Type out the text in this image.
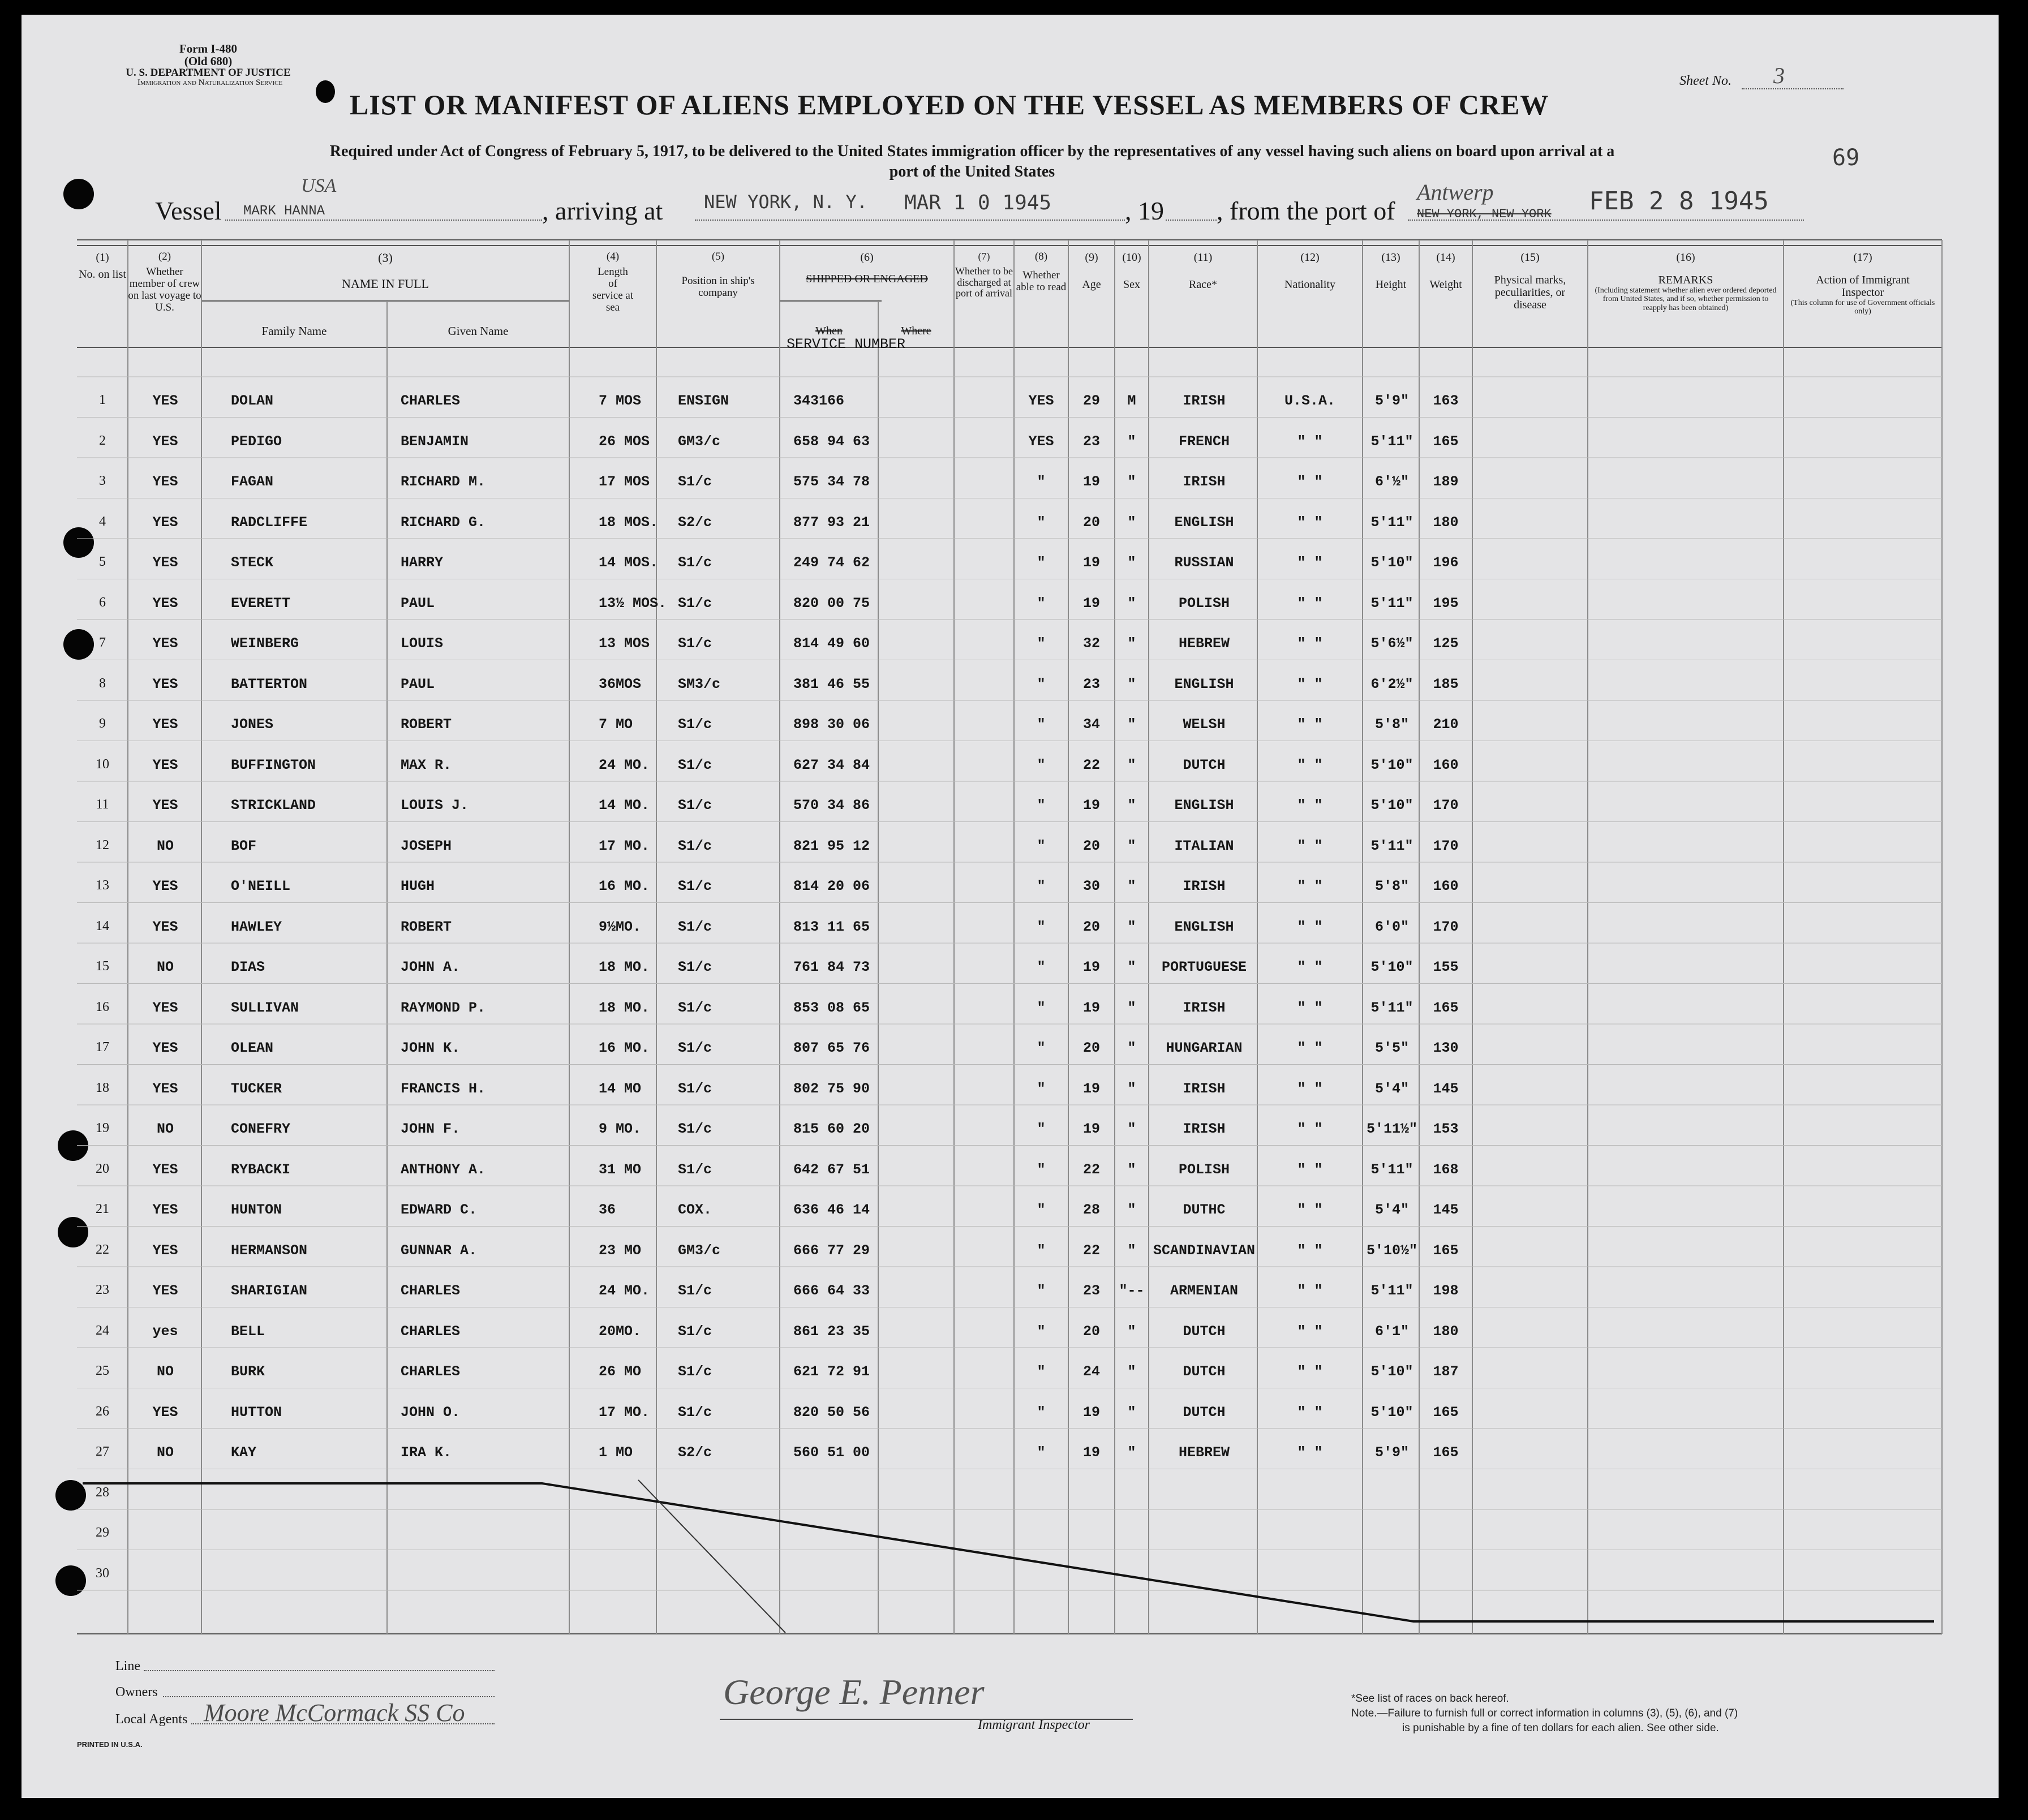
Form I-480
(Old 680)
U. S. DEPARTMENT OF JUSTICE
Immigration and Naturalization Service
LIST OR MANIFEST OF ALIENS EMPLOYED ON THE VESSEL AS MEMBERS OF CREW
Sheet No. 3
Required under Act of Congress of February 5, 1917, to be delivered to the United States immigration officer by the representatives of any vessel having such aliens on board upon arrival at a
port of the United States
69
Vessel
USA
MARK HANNA	, arriving at NEW YORK, N. Y. MAR 1 0 1945	, 19 , from the port of
Antwerp
NEW YORK, NEW YORK FEB 2 8 1945
(1)
No. on list
(2)
Whether member of crew on last voyage to U.S.
(3)
NAME IN FULL
Family Name	Given Name
(4)
Length of service at sea
(5)
Position in ship's company
(6)
SHIPPED OR ENGAGED
When	Where
SERVICE NUMBER
(7)
Whether to be discharged at port of arrival
(8)
Whether able to read
(9)
Age
(10)
Sex
(11)
Race*
(12)
Nationality
(13)
Height
(14)
Weight
(15)
Physical marks, peculiarities, or disease
(16)
REMARKS
(Including statement whether alien ever ordered deported from United States, and if so, whether permission to reapply has been obtained)
(17)
Action of Immigrant Inspector
(This column for use of Government officials only)
1	YES	DOLAN	CHARLES	7 MOS	ENSIGN	343166	YES	29	M	IRISH	U.S.A.	5'9"	163
2	YES	PEDIGO	BENJAMIN	26 MOS	GM3/c	658 94 63	YES	23	"	FRENCH	" "	5'11"	165
3	YES	FAGAN	RICHARD M.	17 MOS	S1/c	575 34 78	"	19	"	IRISH	" "	6'½"	189
4	YES	RADCLIFFE	RICHARD G.	18 MOS.	S2/c	877 93 21	"	20	"	ENGLISH	" "	5'11"	180
5	YES	STECK	HARRY	14 MOS.	S1/c	249 74 62	"	19	"	RUSSIAN	" "	5'10"	196
6	YES	EVERETT	PAUL	13½ MOS. S1/c	820 00 75	"	19	"	POLISH	" "	5'11"	195
7	YES	WEINBERG	LOUIS	13 MOS	S1/c	814 49 60	"	32	"	HEBREW	" "	5'6½"	125
8	YES	BATTERTON	PAUL	36MOS	SM3/c	381 46 55	"	23	"	ENGLISH	" "	6'2½"	185
9	YES	JONES	ROBERT	7 MO	S1/c	898 30 06	"	34	"	WELSH	" "	5'8"	210
10	YES	BUFFINGTON	MAX R.	24 MO.	S1/c	627 34 84	"	22	"	DUTCH	" "	5'10"	160
11	YES	STRICKLAND	LOUIS J.	14 MO.	S1/c	570 34 86	"	19	"	ENGLISH	" "	5'10"	170
12	NO	BOF	JOSEPH	17 MO.	S1/c	821 95 12	"	20	"	ITALIAN	" "	5'11"	170
13	YES	O'NEILL	HUGH	16 MO.	S1/c	814 20 06	"	30	"	IRISH	" "	5'8"	160
14	YES	HAWLEY	ROBERT	9½MO.	S1/c	813 11 65	"	20	"	ENGLISH	" "	6'0"	170
15	NO	DIAS	JOHN A.	18 MO.	S1/c	761 84 73	"	19	"	PORTUGUESE	" "	5'10"	155
16	YES	SULLIVAN	RAYMOND P.	18 MO.	S1/c	853 08 65	"	19	"	IRISH	" "	5'11"	165
17	YES	OLEAN	JOHN K.	16 MO.	S1/c	807 65 76	"	20	"	HUNGARIAN	" "	5'5"	130
18	YES	TUCKER	FRANCIS H.	14 MO	S1/c	802 75 90	"	19	"	IRISH	" "	5'4"	145
19	NO	CONEFRY	JOHN F.	9 MO.	S1/c	815 60 20	"	19	"	IRISH	" "	5'11½"	153
20	YES	RYBACKI	ANTHONY A.	31 MO	S1/c	642 67 51	"	22	"	POLISH	" "	5'11"	168
21	YES	HUNTON	EDWARD C.	36	COX.	636 46 14	"	28	"	DUTHC	" "	5'4"	145
22	YES	HERMANSON	GUNNAR A.	23 MO	GM3/c	666 77 29	"	22	"	SCANDINAVIAN	" "	5'10½"	165
23	YES	SHARIGIAN	CHARLES	24 MO.	S1/c	666 64 33	"	23	"--	ARMENIAN	" "	5'11"	198
24	yes	BELL	CHARLES	20MO.	S1/c	861 23 35	"	20	"	DUTCH	" "	6'1"	180
25	NO	BURK	CHARLES	26 MO	S1/c	621 72 91	"	24	"	DUTCH	" "	5'10"	187
26	YES	HUTTON	JOHN O.	17 MO.	S1/c	820 50 56	"	19	"	DUTCH	" "	5'10"	165
27	NO	KAY	IRA K.	1 MO	S2/c	560 51 00	"	19	"	HEBREW	" "	5'9"	165
28
29
30
Line
Owners
Local Agents Moore McCormack SS Co
George E. Penner
Immigrant Inspector
*See list of races on back hereof.
Note.—Failure to furnish full or correct information in columns (3), (5), (6), and (7)
is punishable by a fine of ten dollars for each alien. See other side.
PRINTED IN U.S.A.
